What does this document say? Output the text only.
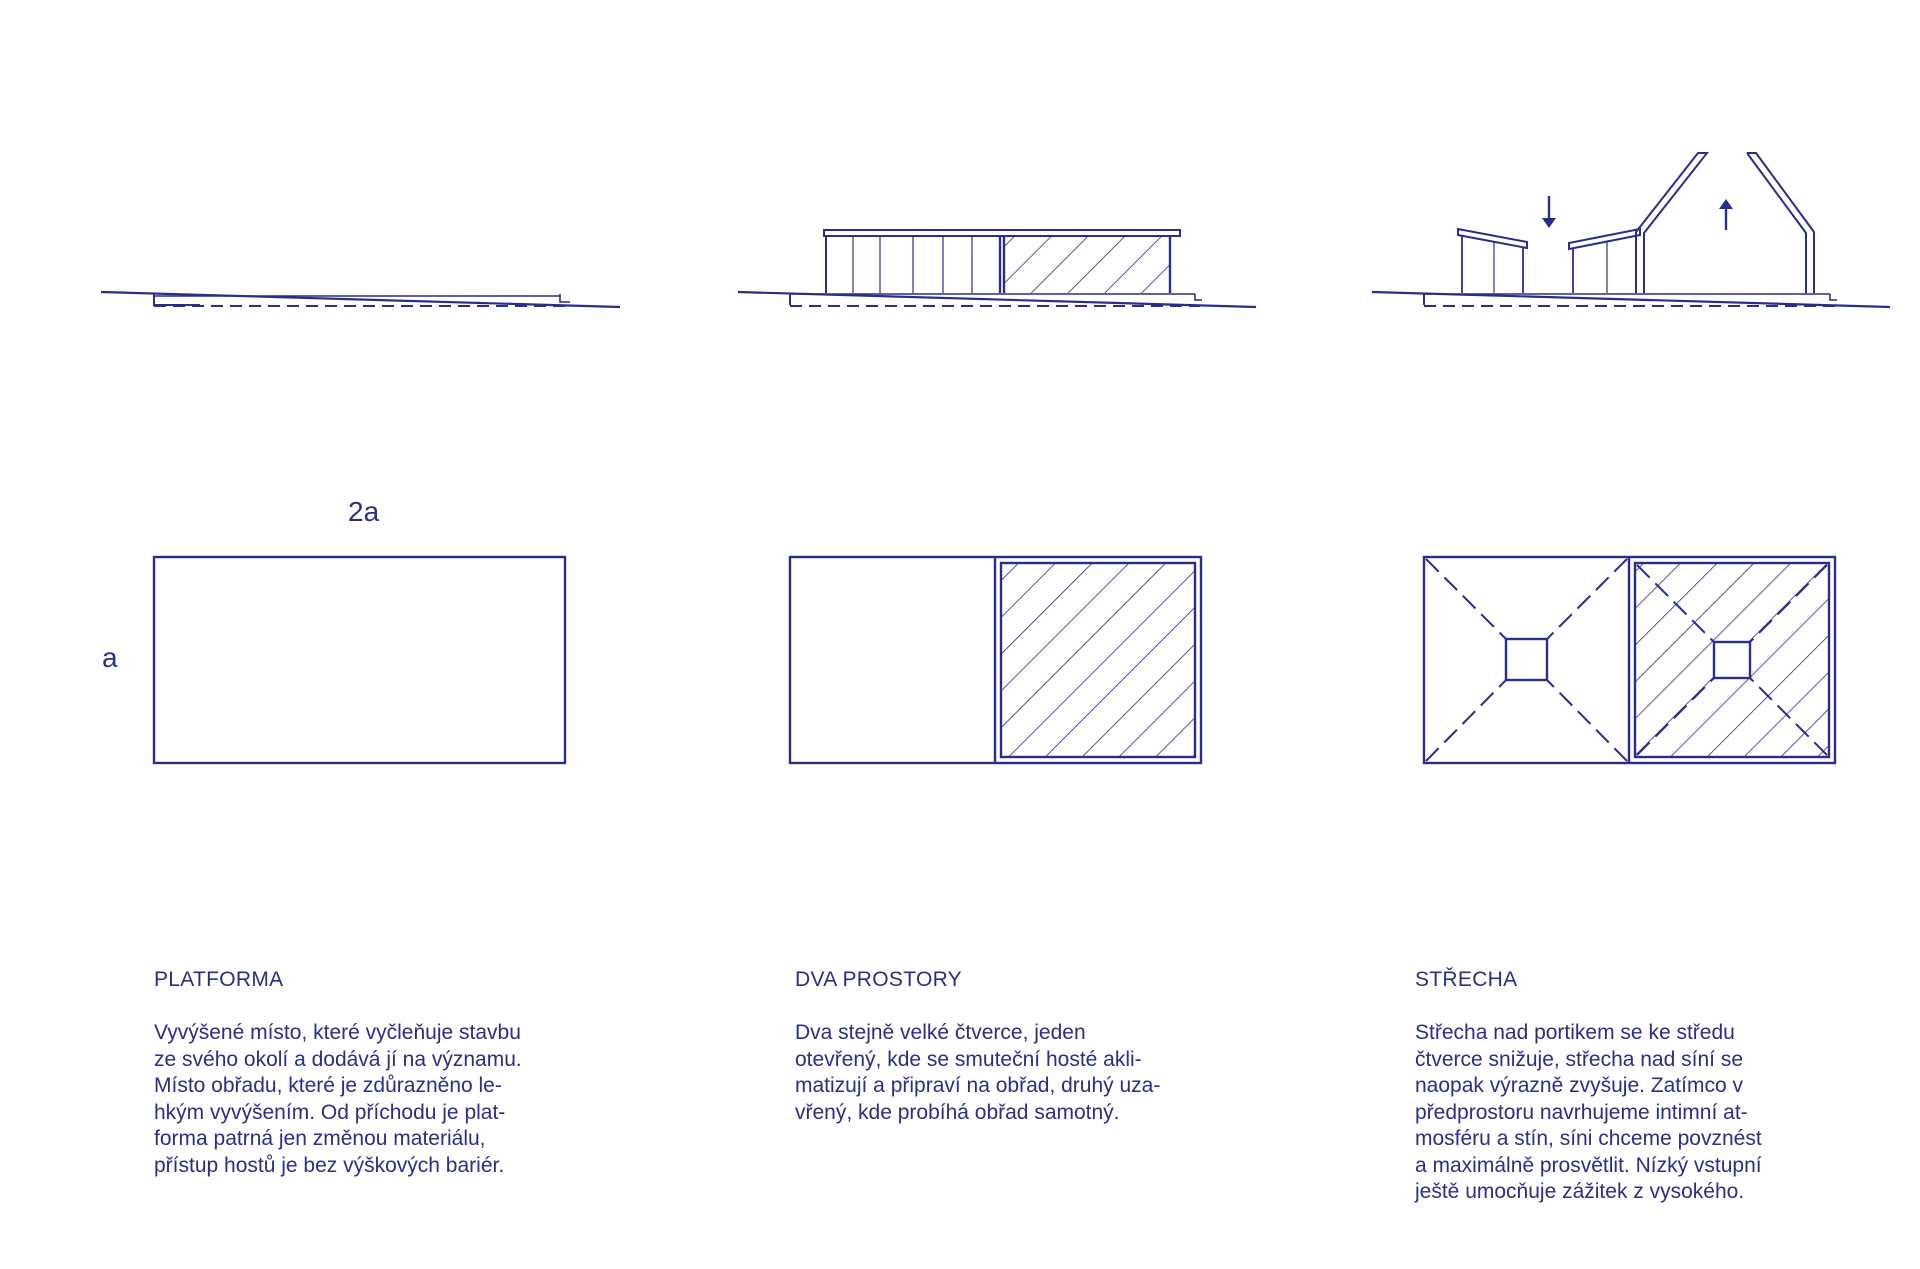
2a
a
PLATFORMA

Vyvýšené místo, které vyčleňuje stavbu
ze svého okolí a dodává jí na významu.
Místo obřadu, které je zdůrazněno le-
hkým vyvýšením. Od příchodu je plat-
forma patrná jen změnou materiálu,
přístup hostů je bez výškových bariér.

DVA PROSTORY

Dva stejně velké čtverce, jeden
otevřený, kde se smuteční hosté akli-
matizují a připraví na obřad, druhý uza-
vřený, kde probíhá obřad samotný.

STŘECHA

Střecha nad portikem se ke středu
čtverce snižuje, střecha nad síní se
naopak výrazně zvyšuje. Zatímco v
předprostoru navrhujeme intimní at-
mosféru a stín, síni chceme povznést
a maximálně prosvětlit. Nízký vstupní
ještě umocňuje zážitek z vysokého.
